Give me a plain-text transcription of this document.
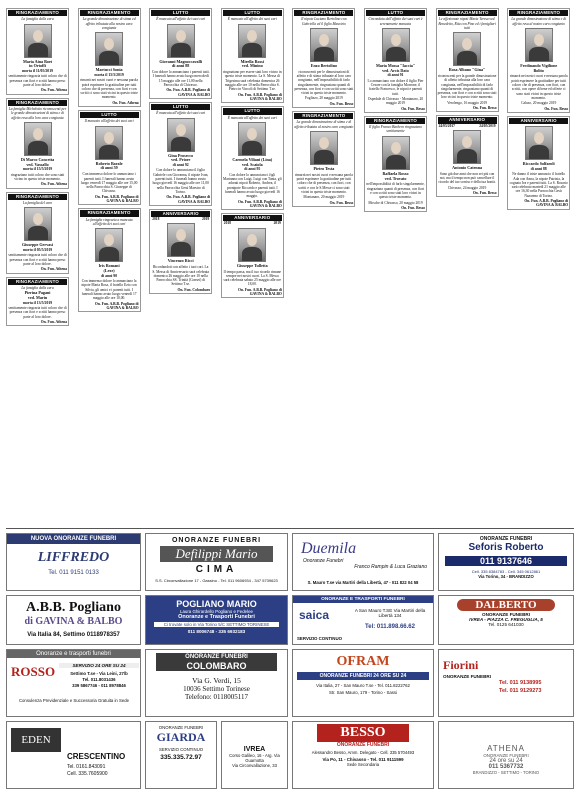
RINGRAZIAMENTO
La famiglia della cara
Maria Aina Boet
in Ortoffi
morta il 11/05/2019
sentitamente ringrazia tutti coloro che di presenza con fiori e scritti hanno preso parte al loro dolore.
On. Fun. Athena
RINGRAZIAMENTO
La famiglia Michelotto riconoscenti per le grande dimostrazioni di stima e di affetto resa alla loro cara congiunta
Di Marco Concetta
ved. Vassallo
morta il 15/5/2019
ringraziano tutti coloro che sono stati vicino in questo triste momento.
On. Fun. Athena
RINGRAZIAMENTO
La famiglia del caro
Giuseppe Gervasi
morto il 05/5/2019
sentitamente ringrazia tutti coloro che di presenza con fiori e scritti hanno preso parte al loro dolore.
On. Fun. Athena
RINGRAZIAMENTO
La famiglia della cara
Pierina Pagani
ved. Marin
morta il 13/5/2019
sentitamente ringrazia tutti coloro che di presenza con fiori e scritti hanno preso parte al loro dolore.
On. Fun. Athena
RINGRAZIAMENTO
La grande dimostrazione di stima ed affetto tributata alla nostra cara congiunta
Martucci Sonia
morta il 15/5/2019
rimarrà nei nostri cuori e nessuna parola potrà esprimere la gratitudine per tutti coloro che di presenza, con fiori e con scritti ci sono stati vicini in questo triste momento.
On. Fun. Athena
LUTTO
Il mancato all'affetto dei suoi cari
Roberto Barale
di anni 59
Con immenso dolore lo annunciano i parenti tutti. I funerali hanno avuto luogo venerdì 17 maggio alle ore 15,00 nella Parrocchia S. Giuseppe di Chivasso.
On. Fun. A.B.B. Pogliano di GAVINA & BALBO
RINGRAZIAMENTO
La famiglia ringrazia a mancata all'affetto dei suoi cari
Iris Romani
(Lexe)
di anni 90
Con immenso dolore lo annunciano la nipote Maria Rosa, il fratello Ezio con Silvia, gli amici e i parenti tutti. I funerali hanno avuto luogo venerdì 17 maggio alle ore 10,00.
On. Fun. A.B.B. Pogliano di GAVINA & BALBO
LUTTO
È mancato all'affetto dei suoi cari
Giovanni Magnoccavalli
di anni 88
Con dolore lo annunciano i parenti tutti. I funerali hanno avuto luogo mercoledì 15 maggio alle ore 11,00 nella Parrocchia di Chivasso.
On. Fun. A.B.B. Pogliano di GAVINA & BALBO
LUTTO
È mancata all'affetto dei suoi cari
Gina Prosecco
ved. Priore
di anni 92
Con dolore lo annunciano il figlio Gabriele con Giovanna, il nipote Ivan, parenti tutti. I funerali hanno avuto luogo giovedì 16 maggio alle ore 11,00 nella Parrocchia Gesù Maestro di Torino.
On. Fun. A.B.B. Pogliano di GAVINA & BALBO
ANNIVERSARIO
2018	2019
Vincenzo Ricci
Ricordandoti con affetto i tuoi cari. La S. Messa di Anniversario sarà celebrata domenica 26 maggio alle ore 10 nella Parrocchia SS. Trinità (Consei) di Settimo T.se.
On. Fun. Colombaro
LUTTO
È mancato all'affetto dei suoi cari
Mirella Rossi
ved. Minino
ringraziano per essere stati loro vicino in questo triste momento. La S. Messa di Trigesima sarà celebrata domenica 26 maggio alle ore 10 nella Parrocchia S. Pietro in Vincoli di Settimo T.se.
On. Fun. A.B.B. Pogliano di GAVINA & BALBO
LUTTO
È mancata all'affetto dei suoi cari
Carmela Viliani (Lina)
ved. Scaiola
di anni 95
Con dolore lo annunciano i figli Marianna con Luigi, Luigi con Tania, gli adorati nipoti Roberto, Andrea, il pronipote Riccardo e parenti tutti. I funerali hanno avuto luogo giovedì 16 maggio.
On. Fun. A.B.B. Pogliano di GAVINA & BALBO
ANNIVERSARIO
2018	2019
Giuseppe Tulletta
Il tempo passa, ma il tuo ricordo rimane sempre nei nostri cuori. La S. Messa sarà celebrata sabato 25 maggio alle ore 18,00.
On. Fun. A.B.B. Pogliano di GAVINA & BALBO
RINGRAZIAMENTO
Il nipote Luciano Bertolino con Gabriella ed il figlio Maurizio
Enzo Bertolino
riconoscenti per le dimostrazioni di affetto e di stima tributate al loro caro congiunto, nell'impossibilità di farlo singolarmente, ringraziano quanti di presenza, con fiori e con scritti sono stati vicini in questo triste momento.
Foglizzo, 20 maggio 2019
On. Fun. Besso
RINGRAZIAMENTO
La grande dimostrazione di stima e di affetto tributata al nostro caro congiunto
Pietro Testa
rimarrà nei nostri cuori e nessuna parola potrà esprimere la gratitudine per tutti coloro che di presenza, con fiori, con scritti e con le S.Messe ci sono stati vicini in questo triste momento.
Montanaro, 20 maggio 2019
On. Fun. Besso
LUTTO
Circondata dall'affetto dei suoi cari è serenamente mancata
Maria Mossa "Iaccia"
ved. Arcis Dato
di anni 91
Lo annunciano con dolore il figlio Pier Cesare con la famiglia Morrone, il fratello Francesco, le nipoti e parenti tutti.
Ospedale di Chivasso - Montanaro, 20 maggio 2019
On. Fun. Besso
RINGRAZIAMENTO
Il figlio Franco Barbero ringraziano sentitamente
Raffaela Rosso
ved. Trovato
nell'impossibilità di farlo singolarmente, ringraziano quanti di presenza, con fiori e con scritti sono stati loro vicini in questo triste momento.
Mosche di Chivasso, 20 maggio 2019
On. Fun. Besso
RINGRAZIAMENTO
Le affezionate nipoti Maria Teresa ved. Benedetto, Rita con Pino ed i famigliari tutti
Rosa Albano "Gina"
riconoscenti per la grande dimostrazione di affetto tributata alla loro cara congiunta, nell'impossibilità di farlo singolarmente, ringraziano quanti di presenza, con fiori e con scritti sono stati loro vicini in questo triste momento.
Verolengo, 16 maggio 2019
On. Fun. Besso
ANNIVERSARIO
24/05/2017	24/05/2019
Antonio Catenna
Sono già due anni che non sei più con noi, ma il tempo non può cancellare il ricordo del tuo sorriso e della tua bontà.
Chivasso, 24 maggio 2019
On. Fun. Besso
RINGRAZIAMENTO
La grande dimostrazione di stima e di affetto resa al nostro caro congiunto
Ferdinando Vigilione
Bolito
rimarrà nei nostri cuori e nessuna parola potrà esprimere la gratitudine per tutti coloro che di presenza, con fiori, con scritti, con opere di bene ed offerte ci sono stati vicini in questo triste momento.
Caluso, 20 maggio 2019
On. Fun. Besso
ANNIVERSARIO
Riccardo Solfaroli
di anni 88
Ne danno il triste annuncio il fratello Ada con Anna, la nipote Patrizia, la cognata Iva e parenti tutti. La S. Rosario sarà celebrato martedì 21 maggio alle ore 16,30 nella Parrocchia Gesù Nazareno di Torino.
On. Fun. A.B.B. Pogliano di GAVINA & BALBO
NUOVA ONORANZE FUNEBRI
LIFFREDO
Tel. 011 9151 0133
ONORANZE FUNEBRI
Defilippi Mario
CIMA
S.S. Circonvallazione 17 - Gassino - Tel. 011 9606934 - 347 5739623
Duemila
Onoranze Funebri
Franco Rampin & Luca Graziano
S. Mauro T.se via Martiri della Libertà, 47 - 011 822 04 58
ONORANZE FUNEBRI
Seforis Roberto
011 9137646
Cell. 335 8384783 - Cell. 345 0612861
Via Torino, 34 - BRANDIZZO
A.B.B. Pogliano
di GAVINA & BALBO
Via Italia 84, Settimo 0118978357
POGLIANO MARIO
Laura Ghirardello Pogliano e Fedelee
Onoranze e Trasporti Funebri
Ci trovate solo in Via Torino 5/C SETTIMO TORINESE
011 8006748 - 335 6932183
ONORANZE E TRASPORTI FUNEBRI
saica	A San Mauro T.SE Via Martiri della Libertà 134
Tel: 011.898.66.62
SERVIZIO CONTINUO
DALBERTO
ONORANZE FUNEBRI
IVREA - PIAZZA C. FREGUGLIA, 5
Tel. 0125 641030
Onoranze e trasporti funebri
ROSSO	SERVIZIO 24 ORE SU 24
Settimo T.se - Via Leini, 27/b
Tel. 011.8031436
339 5867746 - 011 8978846
Consulenza Previdenziale e Successoria Gratuita in Sede
ONORANZE FUNEBRI
COLOMBARO
Via G. Verdi, 15
10036 Settimo Torinese
Telefono: 0118005117
OFRAM
ONORANZE FUNEBRI 24 ORE SU 24
Via Italia, 27 - San Mauro T.se - Tel. 011.8222762
Str. San Mauro, 179 - Torino - Sassi
Fiorini
ONORANZE FUNEBRI
Tel. 011 9138995
Tel. 011 9129273
EDEN
CRESCENTINO
Tel. 0161.843091
Cell. 335.7605900
ONORANZE FUNEBRI
GIARDA
SERVIZIO CONTINUO
335.335.72.97
IVREA
Corso Galileo, 16 - Arg. Via Guarnotta
Via Circonvallazione, 33
BESSO
ONORANZE FUNEBRI
Alessandro Besso, Amm. Delegato - Cell. 335 5704493
Via Po, 11 - Chivasso - Tel. 011 9111599
Sede Secondaria
ATHENA
ONORANZE FUNEBRI
24 ore su 24
011 5367732
BRANDIZZO - SETTIMO - TORINO
